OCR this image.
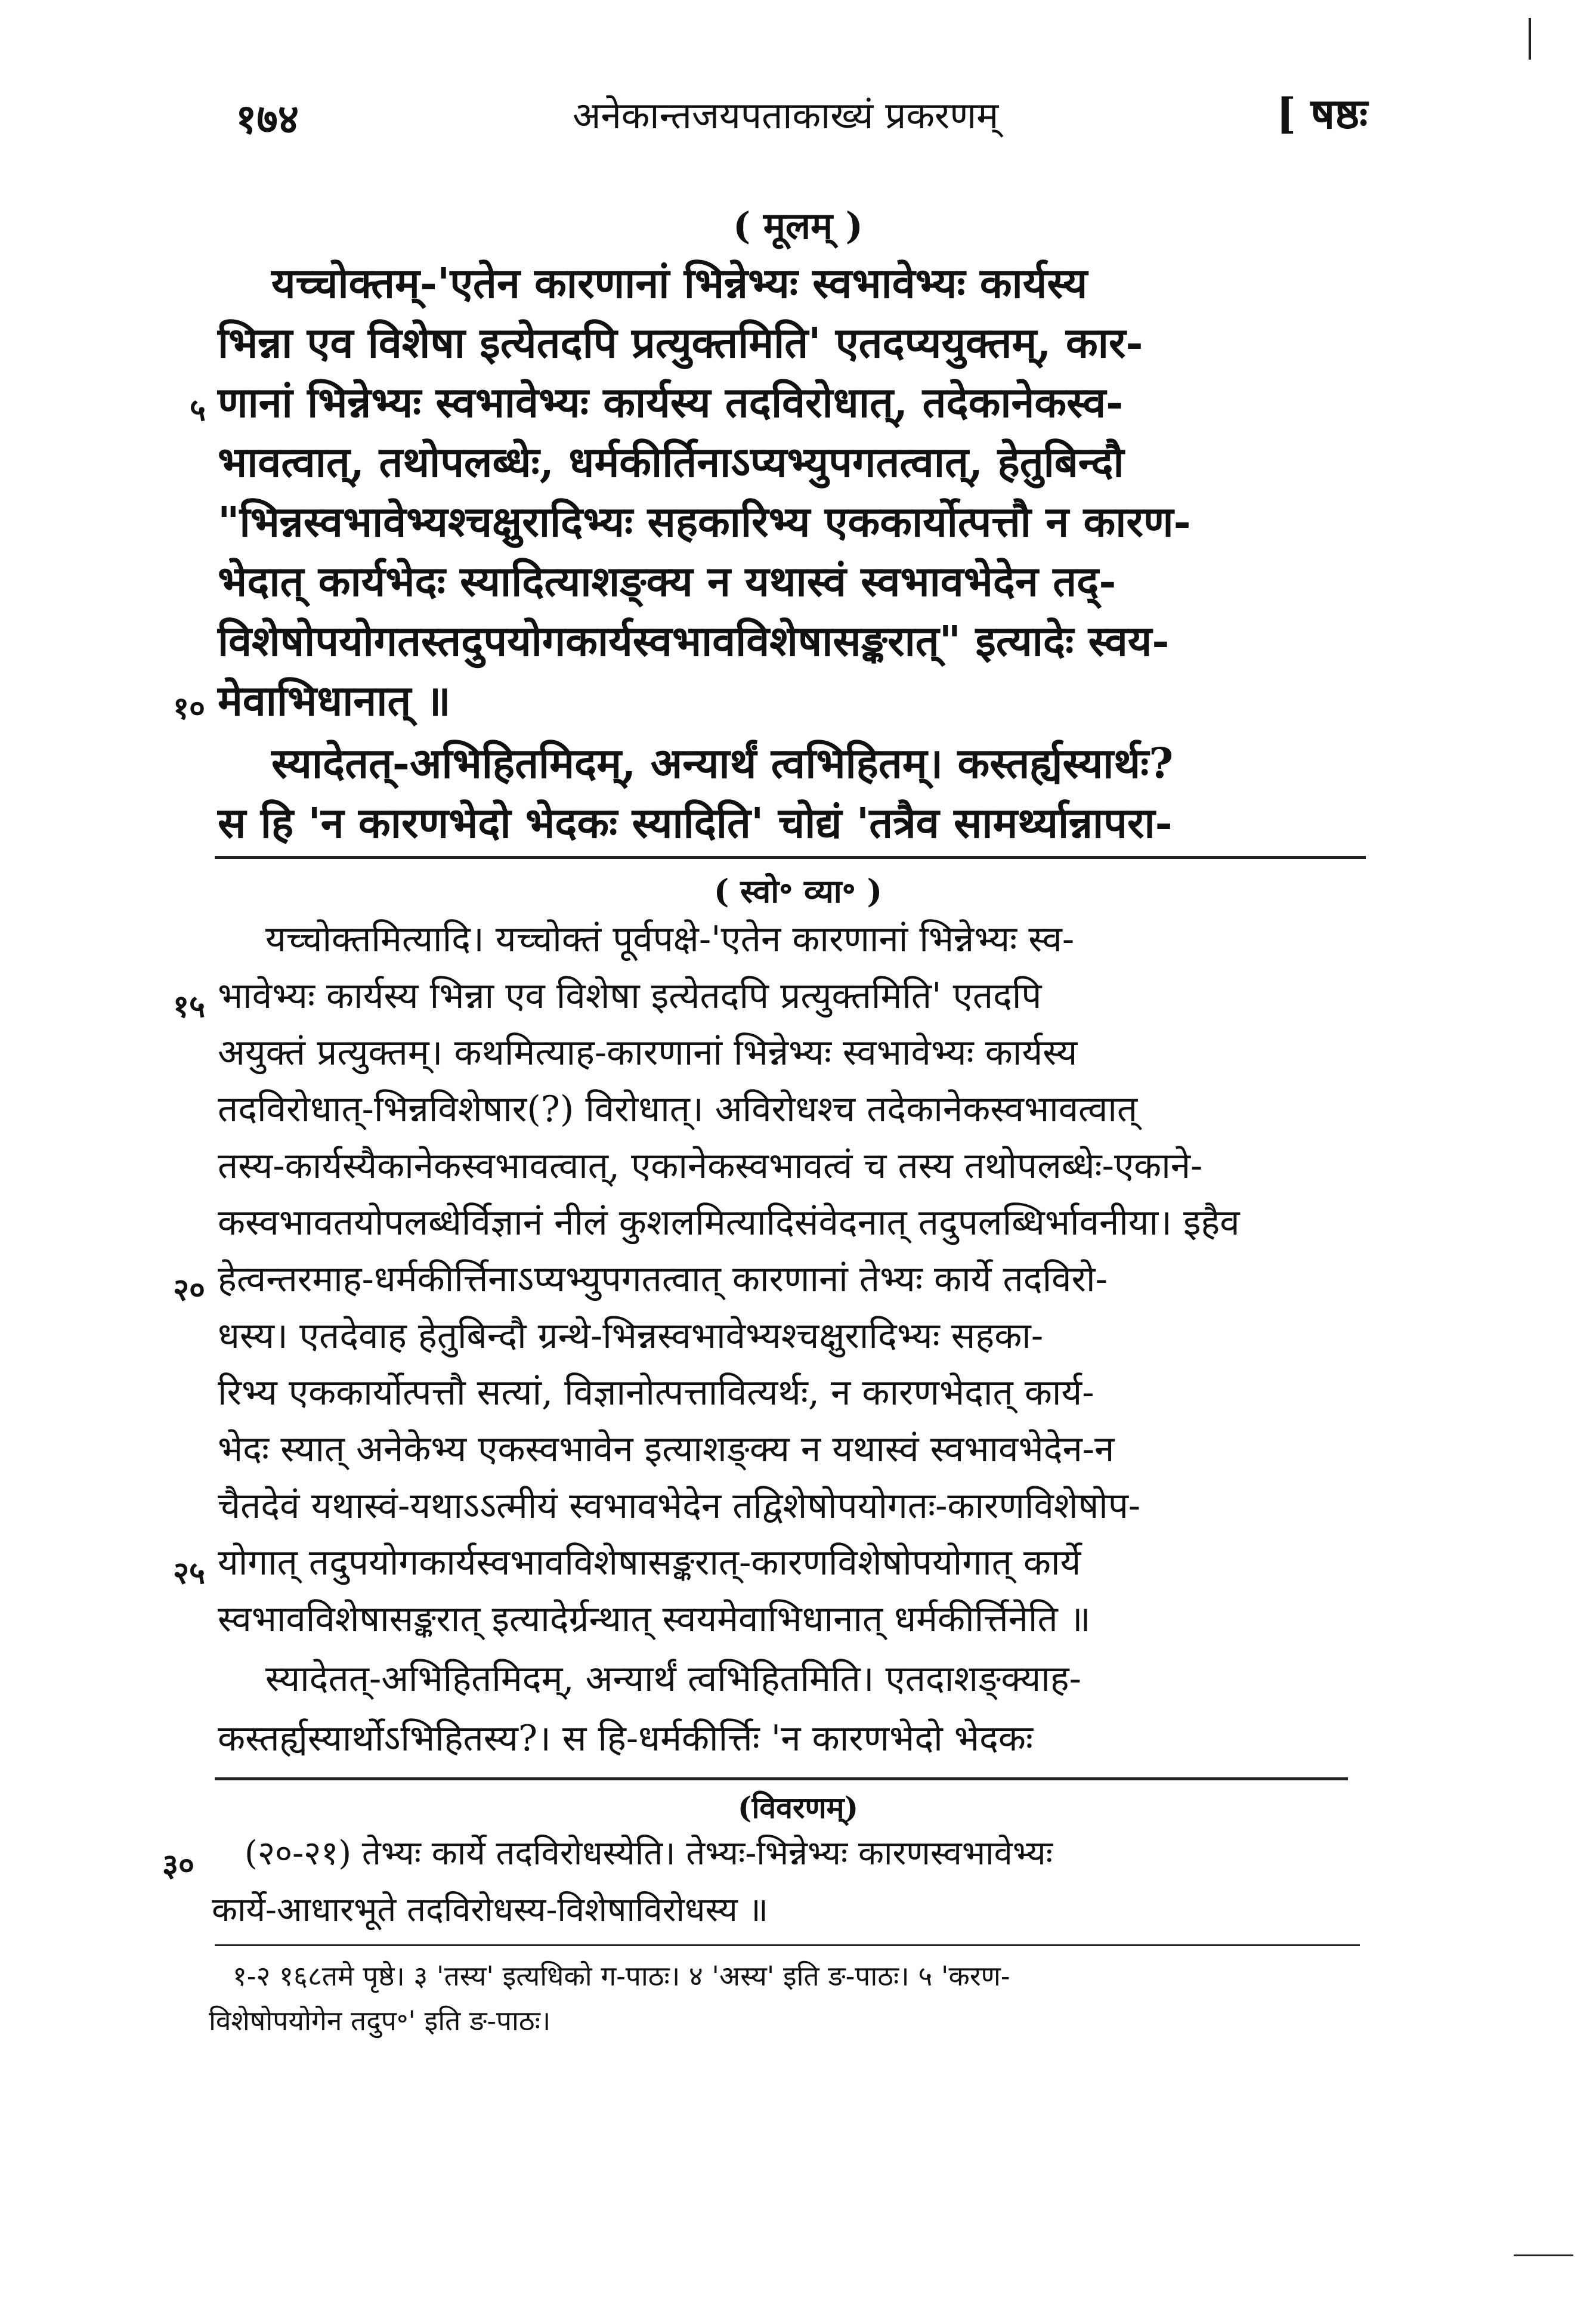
१७४	अनेकान्तजयपताकाख्यं प्रकरणम्	[ षष्ठः
( मूलम् )
यच्चोक्तम्-'एतेन कारणानां भिन्नेभ्यः स्वभावेभ्यः कार्यस्य
भिन्ना एव विशेषा इत्येतदपि प्रत्युक्तमिति' एतदप्ययुक्तम्, कार-
णानां भिन्नेभ्यः स्वभावेभ्यः कार्यस्य तदविरोधात्, तदेकानेकस्व-
भावत्वात्, तथोपलब्धेः, धर्मकीर्तिनाऽप्यभ्युपगतत्वात्, हेतुबिन्दौ
"भिन्नस्वभावेभ्यश्चक्षुरादिभ्यः सहकारिभ्य एककार्योत्पत्तौ न कारण-
भेदात् कार्यभेदः स्यादित्याशङ्क्य न यथास्वं स्वभावभेदेन तद्-
विशेषोपयोगतस्तदुपयोगकार्यस्वभावविशेषासङ्करात्" इत्यादेः स्वय-
मेवाभिधानात् ॥
स्यादेतत्-अभिहितमिदम्, अन्यार्थं त्वभिहितम्। कस्तर्ह्यस्यार्थः?
स हि 'न कारणभेदो भेदकः स्यादिति' चोद्यं 'तत्रैव सामर्थ्यान्नापरा-
५
१०
( स्वो॰ व्या॰ )
यच्चोक्तमित्यादि। यच्चोक्तं पूर्वपक्षे-'एतेन कारणानां भिन्नेभ्यः स्व-
भावेभ्यः कार्यस्य भिन्ना एव विशेषा इत्येतदपि प्रत्युक्तमिति' एतदपि
अयुक्तं प्रत्युक्तम्। कथमित्याह-कारणानां भिन्नेभ्यः स्वभावेभ्यः कार्यस्य
तदविरोधात्-भिन्नविशेषार(?) विरोधात्। अविरोधश्च तदेकानेकस्वभावत्वात्
तस्य-कार्यस्यैकानेकस्वभावत्वात्, एकानेकस्वभावत्वं च तस्य तथोपलब्धेः-एकाने-
कस्वभावतयोपलब्धेर्विज्ञानं नीलं कुशलमित्यादिसंवेदनात् तदुपलब्धिर्भावनीया। इहैव
हेत्वन्तरमाह-धर्मकीर्त्तिनाऽप्यभ्युपगतत्वात् कारणानां तेभ्यः कार्ये तदविरो-
धस्य। एतदेवाह हेतुबिन्दौ ग्रन्थे-भिन्नस्वभावेभ्यश्चक्षुरादिभ्यः सहका-
रिभ्य एककार्योत्पत्तौ सत्यां, विज्ञानोत्पत्तावित्यर्थः, न कारणभेदात् कार्य-
भेदः स्यात् अनेकेभ्य एकस्वभावेन इत्याशङ्क्य न यथास्वं स्वभावभेदेन-न
चैतदेवं यथास्वं-यथाऽऽत्मीयं स्वभावभेदेन तद्विशेषोपयोगतः-कारणविशेषोप-
योगात् तदुपयोगकार्यस्वभावविशेषासङ्करात्-कारणविशेषोपयोगात् कार्ये
स्वभावविशेषासङ्करात् इत्यादेर्ग्रन्थात् स्वयमेवाभिधानात् धर्मकीर्त्तिनेति ॥
स्यादेतत्-अभिहितमिदम्, अन्यार्थं त्वभिहितमिति। एतदाशङ्क्याह-
कस्तर्ह्यस्यार्थोऽभिहितस्य?। स हि-धर्मकीर्त्तिः 'न कारणभेदो भेदकः
१५
२०
२५
(विवरणम्)
(२०-२१) तेभ्यः कार्ये तदविरोधस्येति। तेभ्यः-भिन्नेभ्यः कारणस्वभावेभ्यः
कार्ये-आधारभूते तदविरोधस्य-विशेषाविरोधस्य ॥
३०
१-२ १६८तमे पृष्ठे। ३ 'तस्य' इत्यधिको ग-पाठः। ४ 'अस्य' इति ङ-पाठः। ५ 'करण-
विशेषोपयोगेन तदुप॰' इति ङ-पाठः।
